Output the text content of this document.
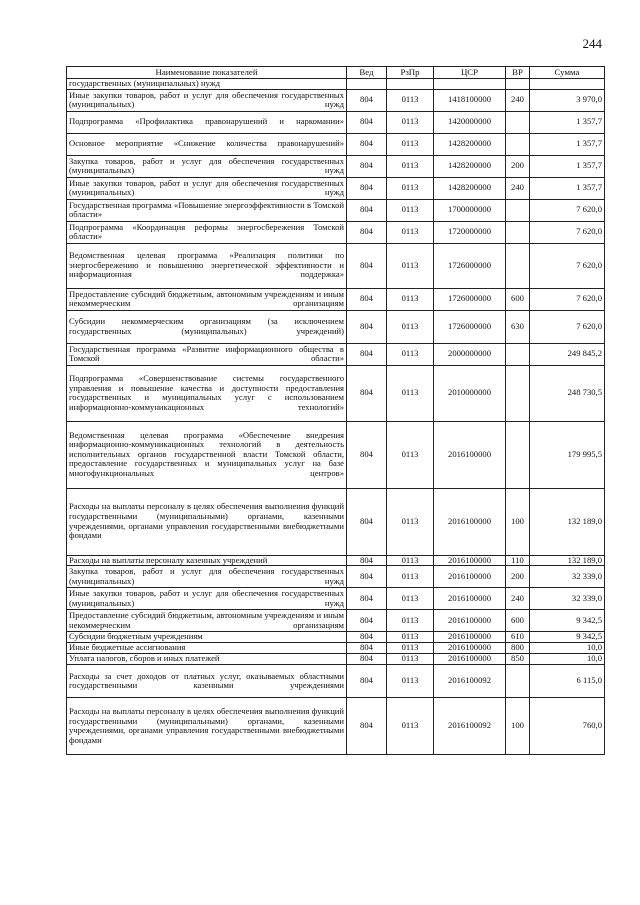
244
Наименование показателей	Вед	РзПр	ЦСР	ВР	Сумма
государственных (муниципальных) нужд					
Иные закупки товаров, работ и услуг для обеспечения государственных (муниципальных) нужд	804	0113	1418100000	240	3 970,0
Подпрограмма «Профилактика правонарушений и наркомании»	804	0113	1420000000		1 357,7
Основное мероприятие «Снижение количества правонарушений»	804	0113	1428200000		1 357,7
Закупка товаров, работ и услуг для обеспечения государственных (муниципальных) нужд	804	0113	1428200000	200	1 357,7
Иные закупки товаров, работ и услуг для обеспечения государственных (муниципальных) нужд	804	0113	1428200000	240	1 357,7
Государственная программа «Повышение энергоэффективности в Томской области»	804	0113	1700000000		7 620,0
Подпрограмма «Координация реформы энергосбережения Томской области»	804	0113	1720000000		7 620,0
Ведомственная целевая программа «Реализация политики по энергосбережению и повышению энергетической эффективности и информационная поддержка»	804	0113	1726000000		7 620,0
Предоставление субсидий бюджетным, автономным учреждениям и иным некоммерческим организациям	804	0113	1726000000	600	7 620,0
Субсидии некоммерческим организациям (за исключением государственных (муниципальных) учреждений)	804	0113	1726000000	630	7 620,0
Государственная программа «Развитие информационного общества в Томской области»	804	0113	2000000000		249 845,2
Подпрограмма «Совершенствование системы государственного управления и повышение качества и доступности предоставления государственных и муниципальных услуг с использованием информационно-коммуникационных технологий»	804	0113	2010000000		248 730,5
Ведомственная целевая программа «Обеспечение внедрения информационно-коммуникационных технологий в деятельность исполнительных органов государственной власти Томской области, предоставление государственных и муниципальных услуг на базе многофункциональных центров»	804	0113	2016100000		179 995,5
Расходы на выплаты персоналу в целях обеспечения выполнения функций государственными (муниципальными) органами, казенными учреждениями, органами управления государственными внебюджетными фондами	804	0113	2016100000	100	132 189,0
Расходы на выплаты персоналу казенных учреждений	804	0113	2016100000	110	132 189,0
Закупка товаров, работ и услуг для обеспечения государственных (муниципальных) нужд	804	0113	2016100000	200	32 339,0
Иные закупки товаров, работ и услуг для обеспечения государственных (муниципальных) нужд	804	0113	2016100000	240	32 339,0
Предоставление субсидий бюджетным, автономным учреждениям и иным некоммерческим организациям	804	0113	2016100000	600	9 342,5
Субсидии бюджетным учреждениям	804	0113	2016100000	610	9 342,5
Иные бюджетные ассигнования	804	0113	2016100000	800	10,0
Уплата налогов, сборов и иных платежей	804	0113	2016100000	850	10,0
Расходы за счет доходов от платных услуг, оказываемых областными государственными казенными учреждениями	804	0113	2016100092		6 115,0
Расходы на выплаты персоналу в целях обеспечения выполнения функций государственными (муниципальными) органами, казенными учреждениями, органами управления государственными внебюджетными фондами	804	0113	2016100092	100	760,0
